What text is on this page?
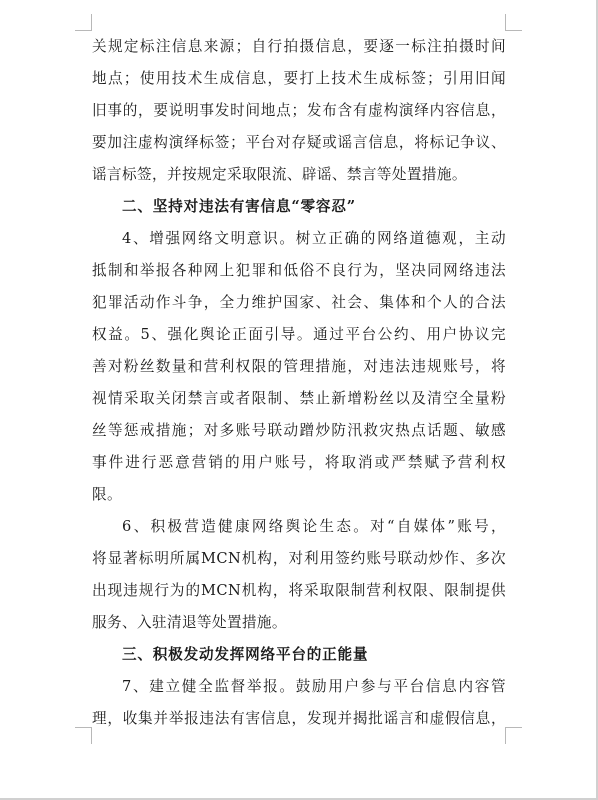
关规定标注信息来源；自行拍摄信息，要逐一标注拍摄时间
地点；使用技术生成信息，要打上技术生成标签；引用旧闻
旧事的，要说明事发时间地点；发布含有虚构演绎内容信息，
要加注虚构演绎标签；平台对存疑或谣言信息，将标记争议、
谣言标签，并按规定采取限流、辟谣、禁言等处置措施。
二、坚持对违法有害信息“零容忍”
4、增强网络文明意识。树立正确的网络道德观，主动
抵制和举报各种网上犯罪和低俗不良行为，坚决同网络违法
犯罪活动作斗争，全力维护国家、社会、集体和个人的合法
权益。5、强化舆论正面引导。通过平台公约、用户协议完
善对粉丝数量和营利权限的管理措施，对违法违规账号，将
视情采取关闭禁言或者限制、禁止新增粉丝以及清空全量粉
丝等惩戒措施；对多账号联动蹭炒防汛救灾热点话题、敏感
事件进行恶意营销的用户账号，将取消或严禁赋予营利权
限。
6、积极营造健康网络舆论生态。对“自媒体”账号，
将显著标明所属MCN机构，对利用签约账号联动炒作、多次
出现违规行为的MCN机构，将采取限制营利权限、限制提供
服务、入驻清退等处置措施。
三、积极发动发挥网络平台的正能量
7、建立健全监督举报。鼓励用户参与平台信息内容管
理，收集并举报违法有害信息，发现并揭批谣言和虚假信息，
